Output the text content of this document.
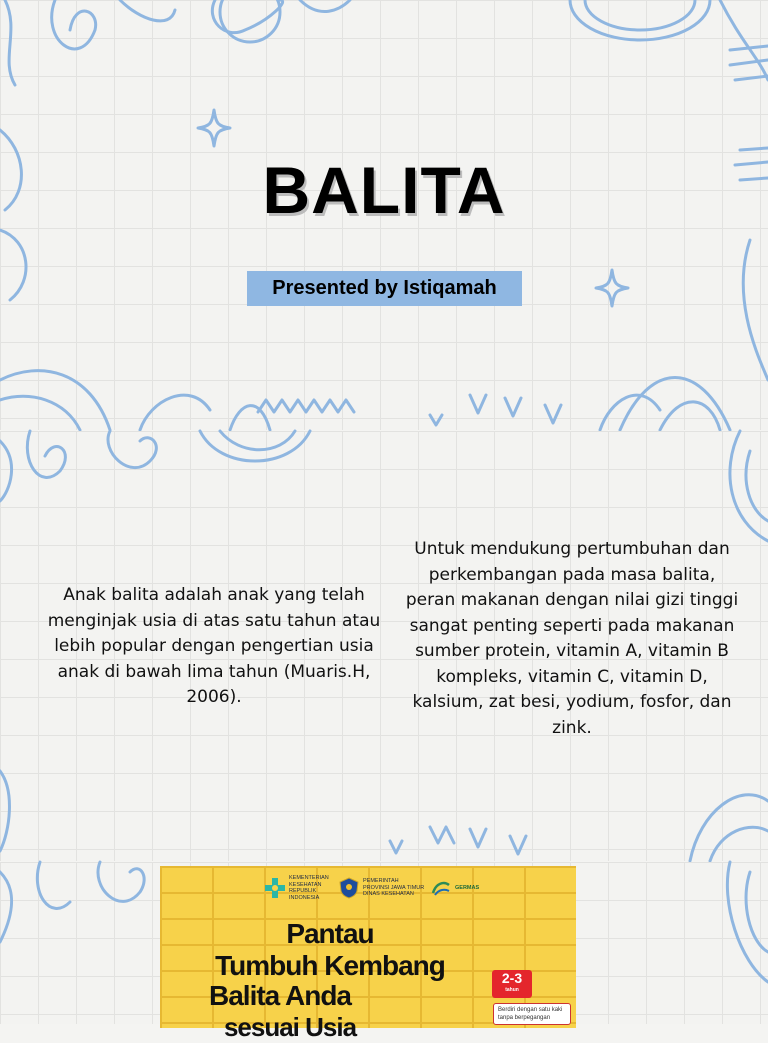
BALITA
Presented by Istiqamah
Anak balita adalah anak yang telah menginjak usia di atas satu tahun atau lebih popular dengan pengertian usia anak di bawah lima tahun (Muaris.H, 2006).
Untuk mendukung pertumbuhan dan perkembangan pada masa balita, peran makanan dengan nilai gizi tinggi sangat penting seperti pada makanan sumber protein, vitamin A, vitamin B kompleks, vitamin C, vitamin D, kalsium, zat besi, yodium, fosfor, dan zink.
KEMENTERIAN KESEHATAN REPUBLIK INDONESIA
PEMERINTAH PROVINSI JAWA TIMUR DINAS KESEHATAN
GERMAS
Pantau
Tumbuh Kembang
Balita Anda
sesuai Usia
2-3
tahun
Berdiri dengan satu kaki tanpa berpegangan
